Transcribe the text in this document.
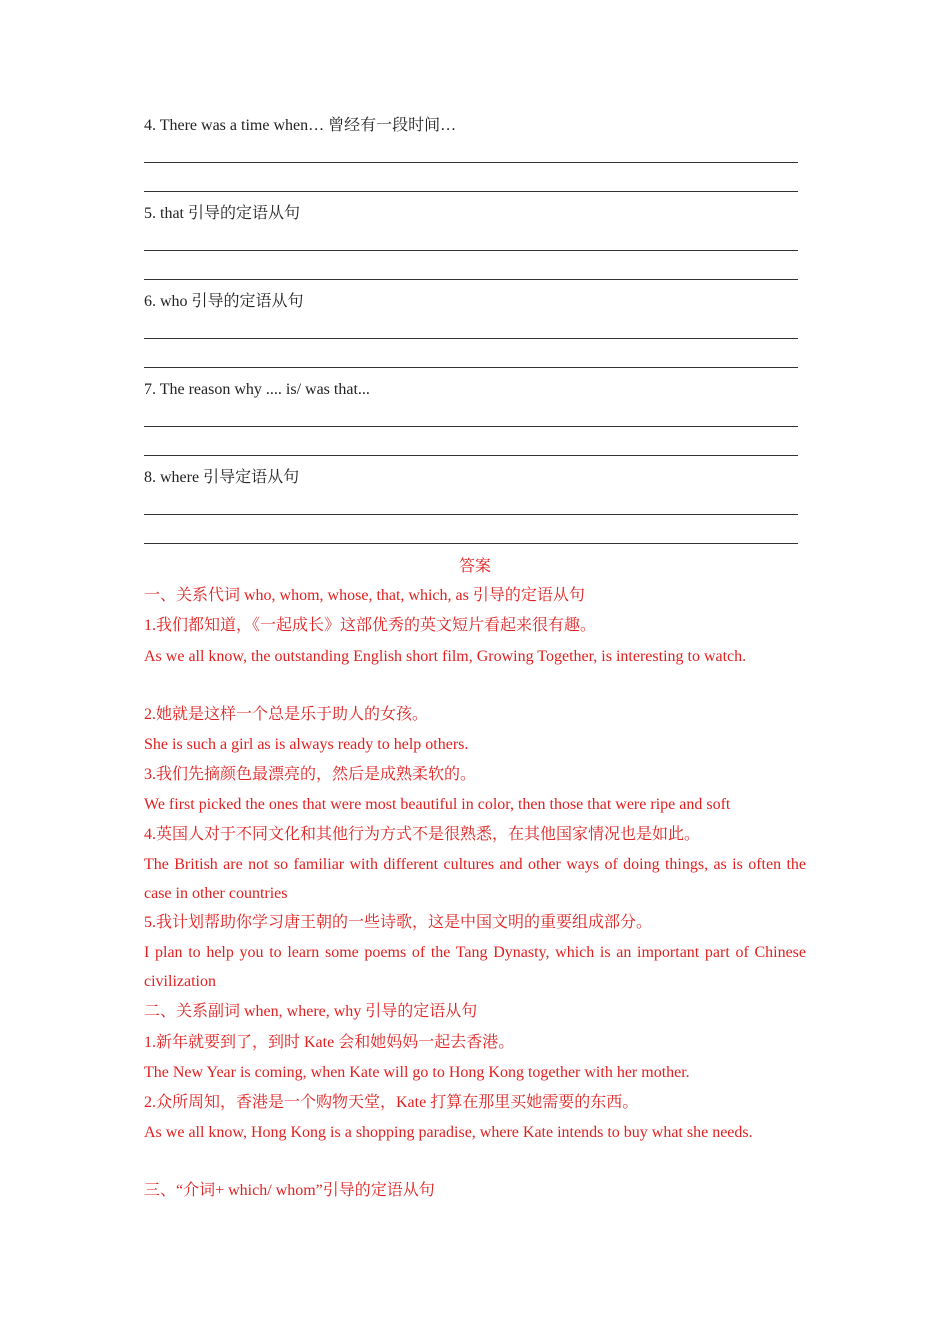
4. There was a time when… 曾经有一段时间…
5. that 引导的定语从句
6. who 引导的定语从句
7. The reason why .... is/ was that...
8. where 引导定语从句
答案
一、关系代词 who, whom, whose, that, which, as 引导的定语从句
1.我们都知道，《一起成长》这部优秀的英文短片看起来很有趣。
As we all know, the outstanding English short film, Growing Together, is interesting to watch.
2.她就是这样一个总是乐于助人的女孩。
She is such a girl as is always ready to help others.
3.我们先摘颜色最漂亮的，然后是成熟柔软的。
We first picked the ones that were most beautiful in color, then those that were ripe and soft
4.英国人对于不同文化和其他行为方式不是很熟悉，在其他国家情况也是如此。
The British are not so familiar with different cultures and other ways of doing things, as is often the case in other countries
5.我计划帮助你学习唐王朝的一些诗歌，这是中国文明的重要组成部分。
I plan to help you to learn some poems of the Tang Dynasty, which is an important part of Chinese civilization
二、关系副词 when, where, why 引导的定语从句
1.新年就要到了，到时 Kate 会和她妈妈一起去香港。
The New Year is coming, when Kate will go to Hong Kong together with her mother.
2.众所周知，香港是一个购物天堂，Kate 打算在那里买她需要的东西。
As we all know, Hong Kong is a shopping paradise, where Kate intends to buy what she needs.
三、“介词+ which/ whom”引导的定语从句
